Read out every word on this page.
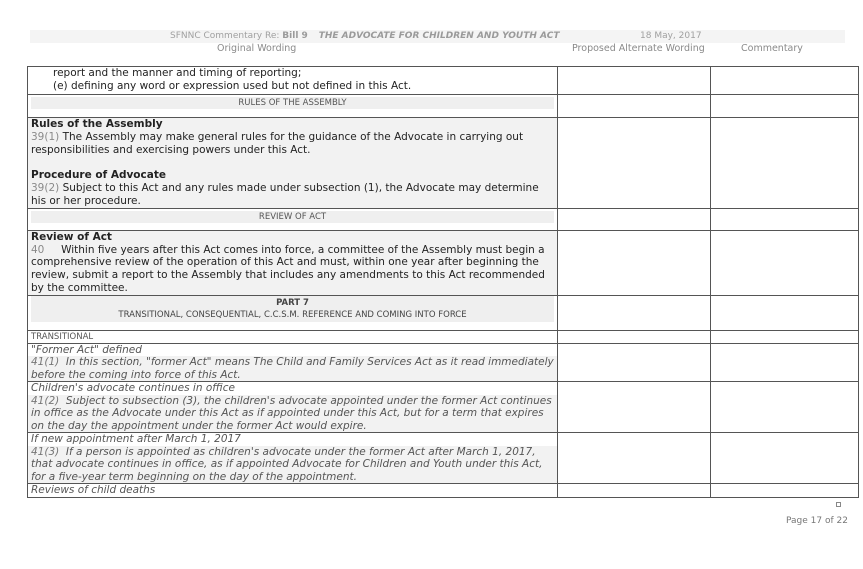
SFNNC Commentary Re: Bill 9 THE ADVOCATE FOR CHILDREN AND YOUTH ACT	18 May, 2017
Original Wording	Proposed Alternate Wording	Commentary
report and the manner and timing of reporting;
(e) defining any word or expression used but not defined in this Act.		

RULES OF THE ASSEMBLY		

Rules of the Assembly
39(1) The Assembly may make general rules for the guidance of the Advocate in carrying out responsibilities and exercising powers under this Act.
Procedure of Advocate
39(2) Subject to this Act and any rules made under subsection (1), the Advocate may determine his or her procedure.		

REVIEW OF ACT		

Review of Act
40 Within five years after this Act comes into force, a committee of the Assembly must begin a comprehensive review of the operation of this Act and must, within one year after beginning the review, submit a report to the Assembly that includes any amendments to this Act recommended by the committee.		

PART 7
TRANSITIONAL, CONSEQUENTIAL, C.C.S.M. REFERENCE AND COMING INTO FORCE		

TRANSITIONAL		

"Former Act" defined
41(1) In this section, "former Act" means The Child and Family Services Act as it read immediately before the coming into force of this Act.		

Children's advocate continues in office
41(2) Subject to subsection (3), the children's advocate appointed under the former Act continues in office as the Advocate under this Act as if appointed under this Act, but for a term that expires on the day the appointment under the former Act would expire.		

If new appointment after March 1, 2017
41(3) If a person is appointed as children's advocate under the former Act after March 1, 2017, that advocate continues in office, as if appointed Advocate for Children and Youth under this Act, for a five-year term beginning on the day of the appointment.		

Reviews of child deaths		

Page 17 of 22
